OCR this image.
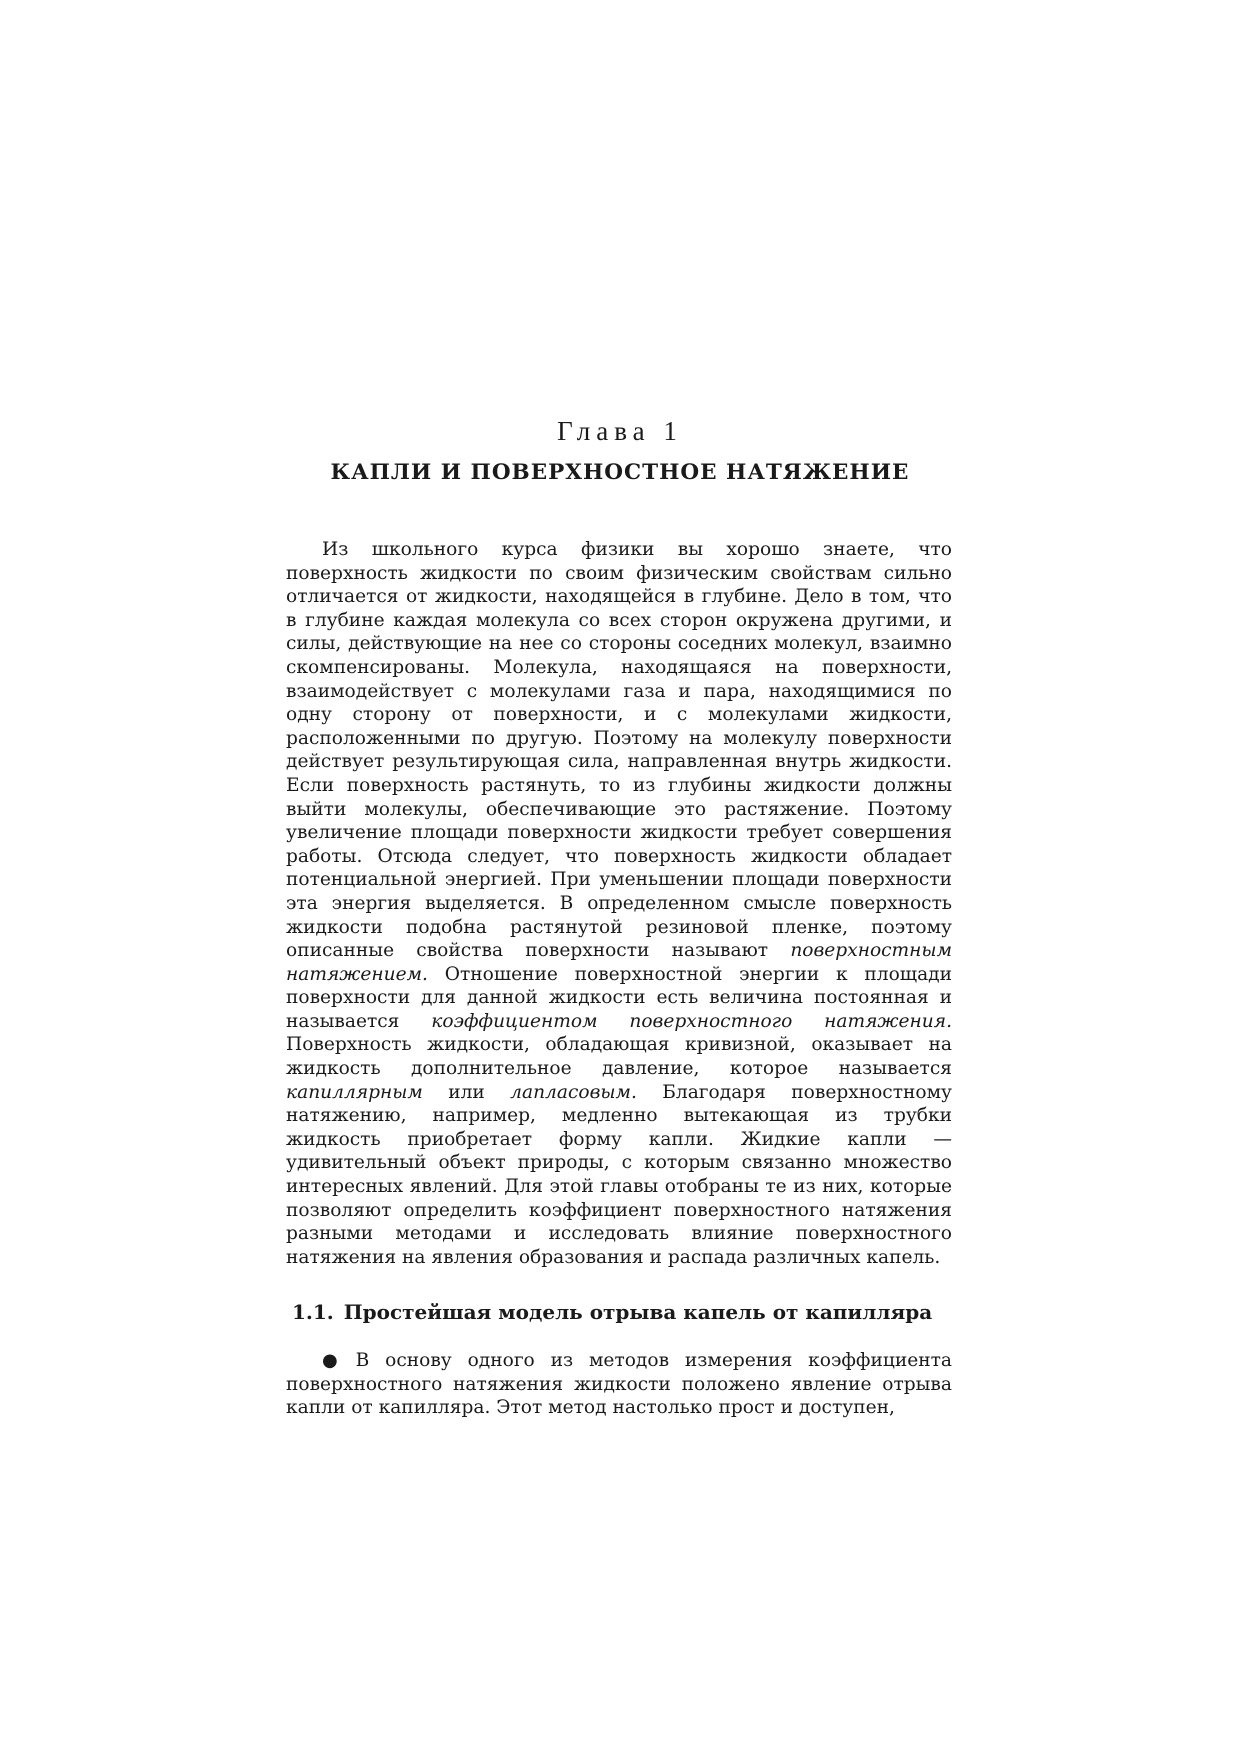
Глава 1
КАПЛИ И ПОВЕРХНОСТНОЕ НАТЯЖЕНИЕ

Из школьного курса физики вы хорошо знаете, что поверхность жидкости по своим физическим свойствам сильно отличается от жидкости, находящейся в глубине. Дело в том, что в глубине каждая молекула со всех сторон окружена другими, и силы, действующие на нее со стороны соседних молекул, взаимно скомпенсированы. Молекула, находящаяся на поверхности, взаимодействует с молекулами газа и пара, находящимися по одну сторону от поверхности, и с молекулами жидкости, расположенными по другую. Поэтому на молекулу поверхности действует результирующая сила, направленная внутрь жидкости. Если поверхность растянуть, то из глубины жидкости должны выйти молекулы, обеспечивающие это растяжение. Поэтому увеличение площади поверхности жидкости требует совершения работы. Отсюда следует, что поверхность жидкости обладает потенциальной энергией. При уменьшении площади поверхности эта энергия выделяется. В определенном смысле поверхность жидкости подобна растянутой резиновой пленке, поэтому описанные свойства поверхности называют поверхностным натяжением. Отношение поверхностной энергии к площади поверхности для данной жидкости есть величина постоянная и называется коэффициентом поверхностного натяжения. Поверхность жидкости, обладающая кривизной, оказывает на жидкость дополнительное давление, которое называется капиллярным или лапласовым. Благодаря поверхностному натяжению, например, медленно вытекающая из трубки жидкость приобретает форму капли. Жидкие капли — удивительный объект природы, с которым связанно множество интересных явлений. Для этой главы отобраны те из них, которые позволяют определить коэффициент поверхностного натяжения разными методами и исследовать влияние поверхностного натяжения на явления образования и распада различных капель.

1.1. Простейшая модель отрыва капель от капилляра

● В основу одного из методов измерения коэффициента поверхностного натяжения жидкости положено явление отрыва капли от капилляра. Этот метод настолько прост и доступен,
